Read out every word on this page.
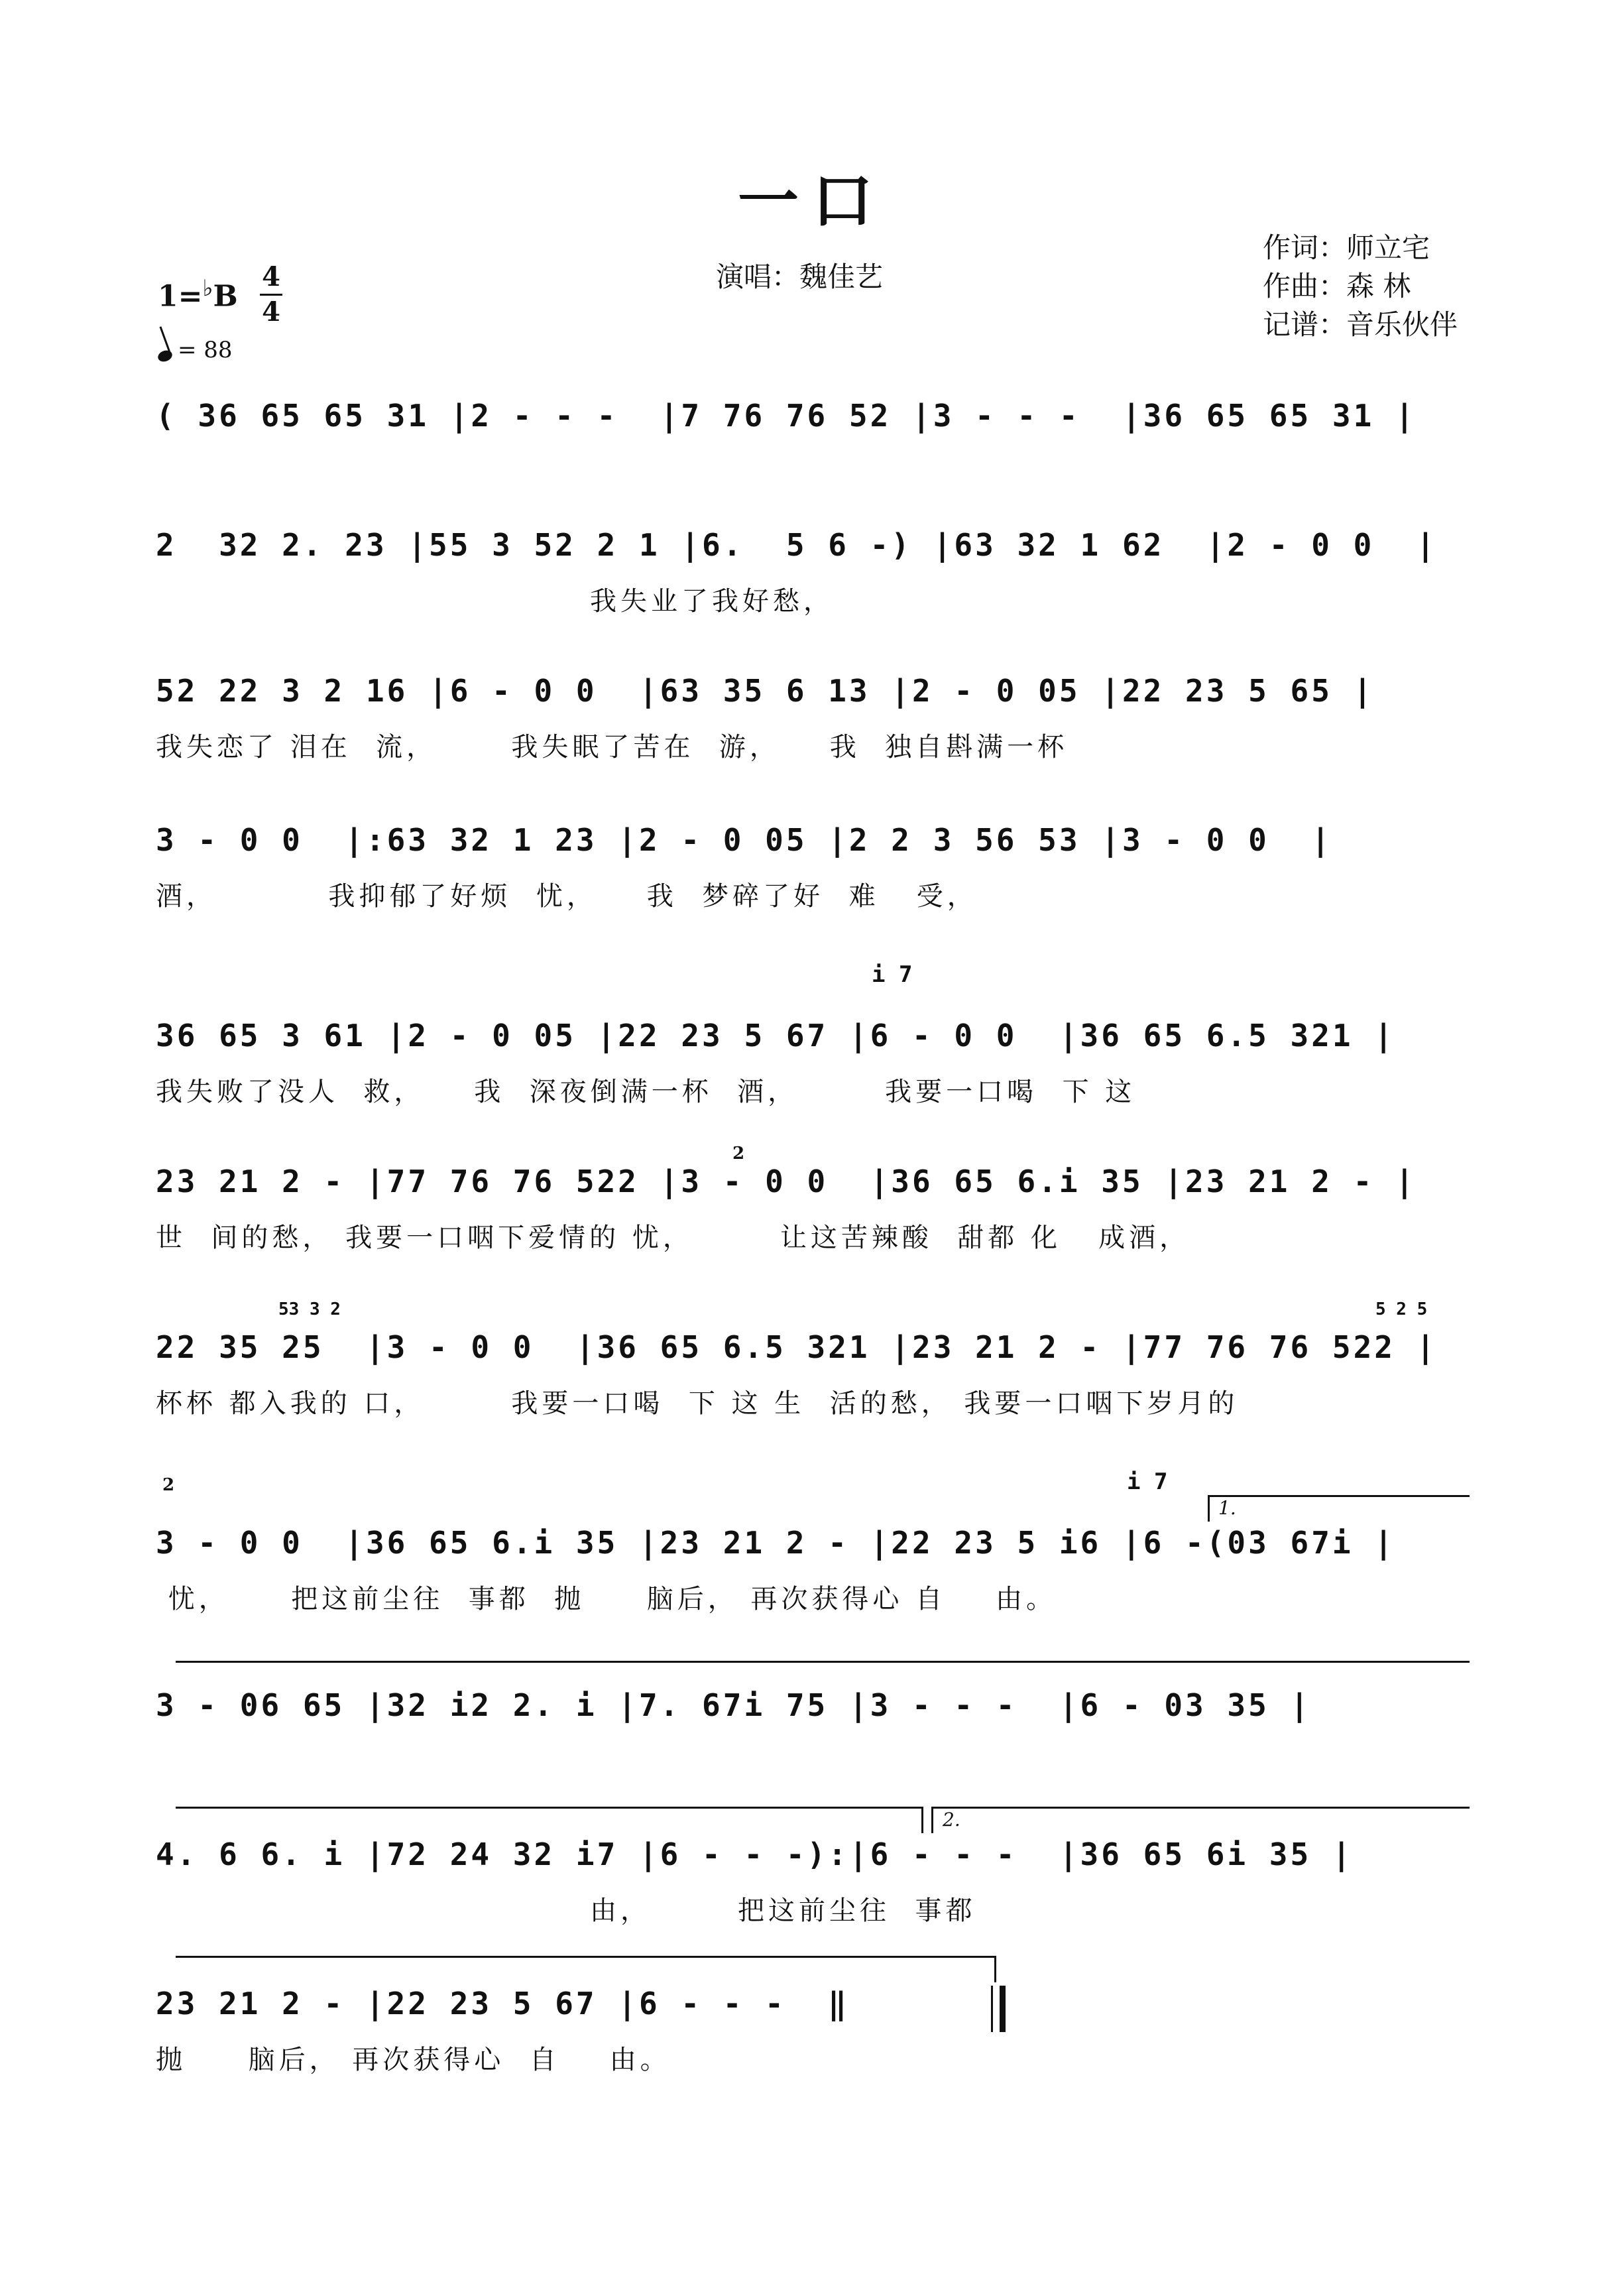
一口
演唱：魏佳艺
作词：师立宅
作曲：森 林
记谱：音乐伙伴
1=♭B
4
4
= 88
( 36 65 65 31 |2 - - -  |7 76 76 52 |3 - - -  |36 65 65 31 |
2  32 2. 23 |55 3 52 2 1 |6.  5 6 -) |63 32 1 62  |2 - 0 0  |
我失业了我好愁，
52 22 3 2 16 |6 - 0 0  |63 35 6 13 |2 - 0 05 |22 23 5 65 |
我失恋了 泪在  流，      我失眠了苦在  游，    我  独自斟满一杯
3 - 0 0  |:63 32 1 23 |2 - 0 05 |2 2 3 56 53 |3 - 0 0  |
酒，         我抑郁了好烦  忧，    我  梦碎了好  难   受，
i 7
36 65 3 61 |2 - 0 05 |22 23 5 67 |6 - 0 0  |36 65 6.5 321 |
我失败了没人  救，    我  深夜倒满一杯  酒，       我要一口喝  下 这
2
23 21 2 - |77 76 76 522 |3 - 0 0  |36 65 6.i 35 |23 21 2 - |
世  间的愁， 我要一口咽下爱情的 忧，       让这苦辣酸  甜都 化   成酒，
53 3 2	5 2 5
22 35 25  |3 - 0 0  |36 65 6.5 321 |23 21 2 - |77 76 76 522 |
杯杯 都入我的 口，       我要一口喝  下 这 生  活的愁， 我要一口咽下岁月的
i 7
2
1.
3 - 0 0  |36 65 6.i 35 |23 21 2 - |22 23 5 i6 |6 -(03 67i |
忧，     把这前尘往  事都  抛     脑后， 再次获得心 自    由。
3 - 06 65 |32 i2 2. i |7. 67i 75 |3 - - -  |6 - 03 35 |
2.
4. 6 6. i |72 24 32 i7 |6 - - -):|6 - - -  |36 65 6i 35 |
由，       把这前尘往  事都
23 21 2 - |22 23 5 67 |6 - - -  ‖
抛     脑后， 再次获得心  自    由。
